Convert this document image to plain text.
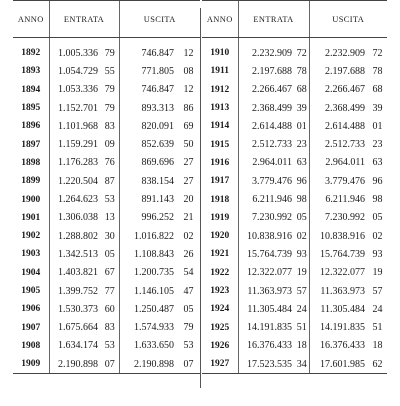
ANNO	ENTRATA		USCITA	
1892	1.005.336	79	746.847	12
1893	1.054.729	55	771.805	08
1894	1.053.336	79	746.847	12
1895	1.152.701	79	893.313	86
1896	1.101.968	83	820.091	69
1897	1.159.291	09	852.639	50
1898	1.176.283	76	869.696	27
1899	1.220.504	87	838.154	27
1900	1.264.623	53	891.143	20
1901	1.306.038	13	996.252	21
1902	1.288.802	30	1.016.822	02
1903	1.342.513	05	1.108.843	26
1904	1.403.821	67	1.200.735	54
1905	1.399.752	77	1.146.105	47
1906	1.530.373	60	1.250.487	05
1907	1.675.664	83	1.574.933	79
1908	1.634.174	53	1.633.650	53
1909	2.190.898	07	2.190.898	07
ANNO	ENTRATA		USCITA	
1910	2.232.909	72	2.232.909	72
1911	2.197.688	78	2.197.688	78
1912	2.266.467	68	2.266.467	68
1913	2.368.499	39	2.368.499	39
1914	2.614.488	01	2.614.488	01
1915	2.512.733	23	2.512.733	23
1916	2.964.011	63	2.964.011	63
1917	3.779.476	96	3.779.476	96
1918	6.211.946	98	6.211.946	98
1919	7.230.992	05	7.230.992	05
1920	10.838.916	02	10.838.916	02
1921	15.764.739	93	15.764.739	93
1922	12.322.077	19	12.322.077	19
1923	11.363.973	57	11.363.973	57
1924	11.305.484	24	11.305.484	24
1925	14.191.835	51	14.191.835	51
1926	16.376.433	18	16.376.433	18
1927	17.523.535	34	17.601.985	62
